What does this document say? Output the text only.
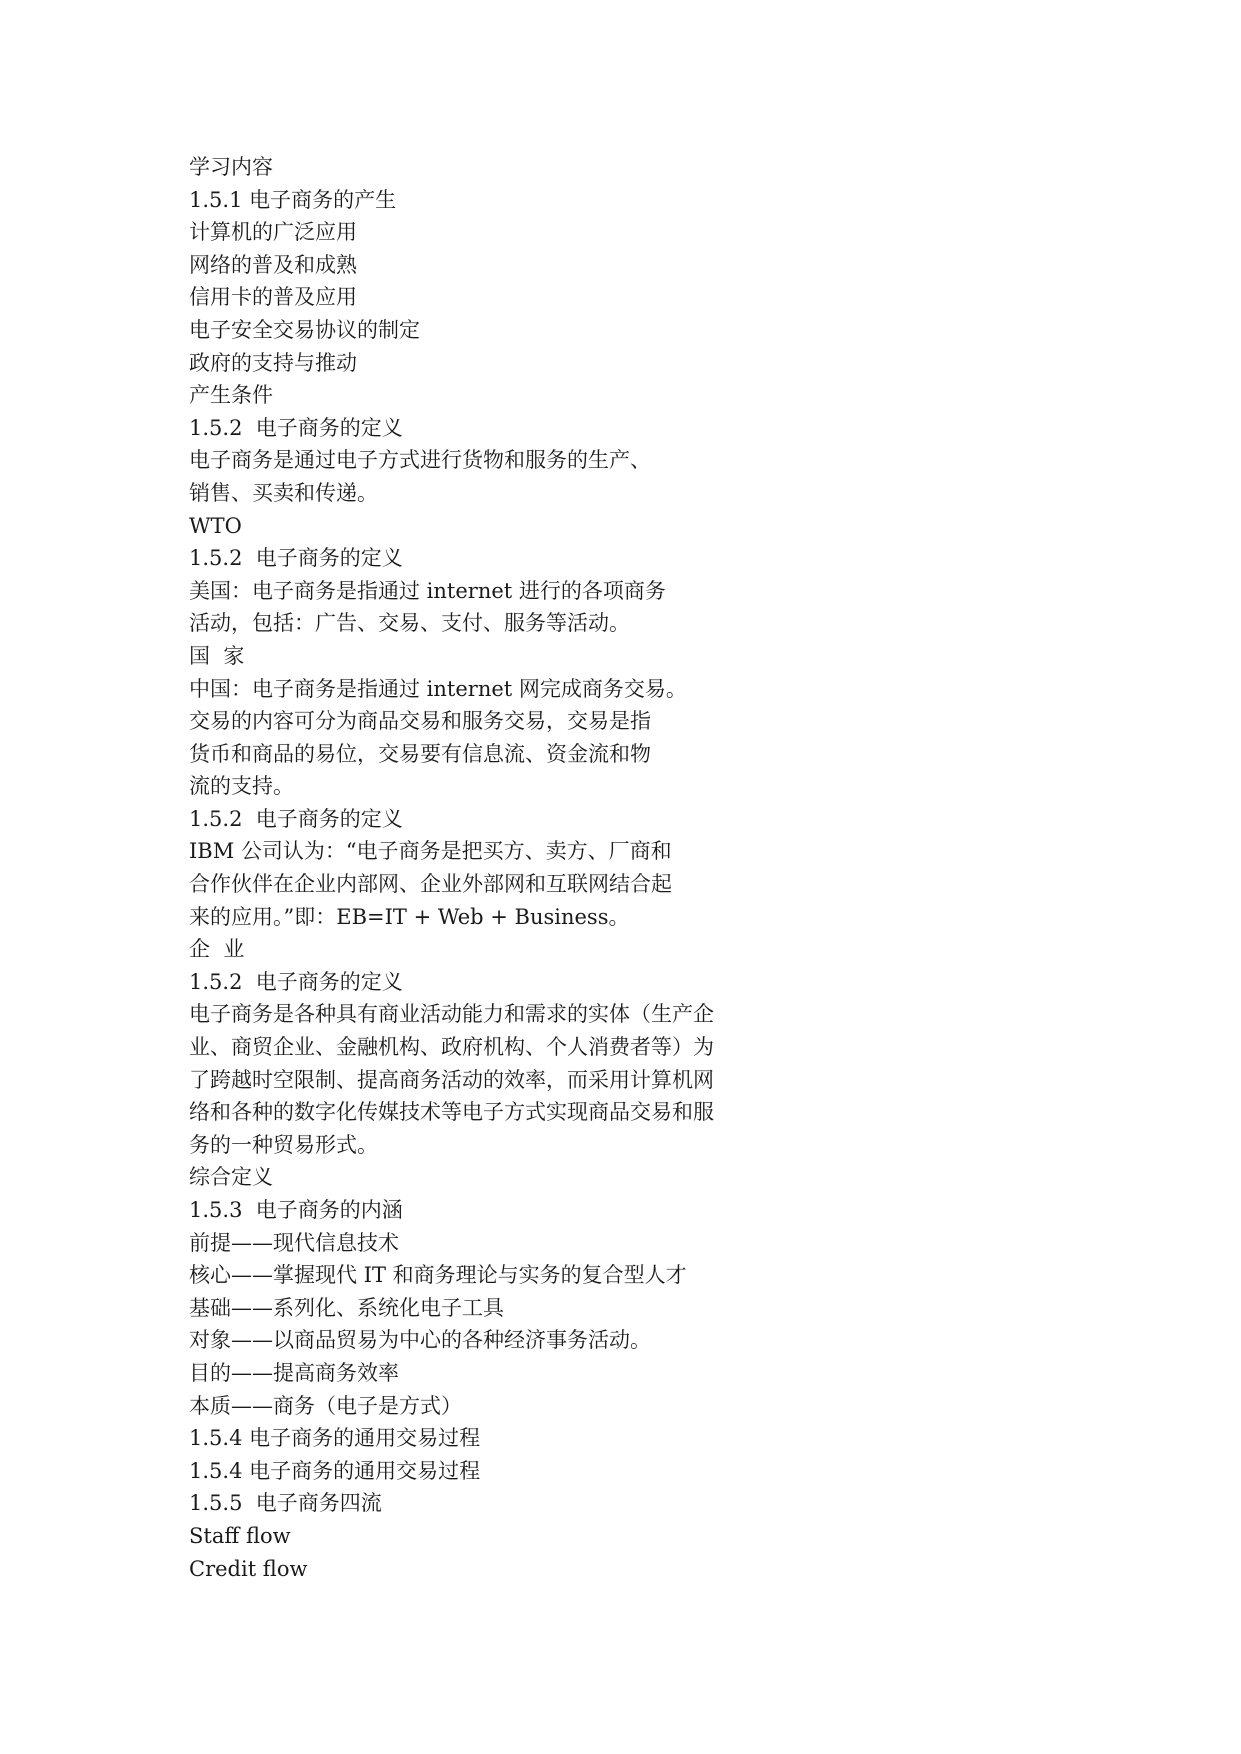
学习内容
1.5.1 电子商务的产生
计算机的广泛应用
网络的普及和成熟
信用卡的普及应用
电子安全交易协议的制定
政府的支持与推动
产生条件
1.5.2  电子商务的定义
电子商务是通过电子方式进行货物和服务的生产、
销售、买卖和传递。
WTO
1.5.2  电子商务的定义
美国：电子商务是指通过 internet 进行的各项商务
活动，包括：广告、交易、支付、服务等活动。
国  家
中国：电子商务是指通过 internet 网完成商务交易。
交易的内容可分为商品交易和服务交易，交易是指
货币和商品的易位，交易要有信息流、资金流和物
流的支持。
1.5.2  电子商务的定义
IBM 公司认为：“电子商务是把买方、卖方、厂商和
合作伙伴在企业内部网、企业外部网和互联网结合起
来的应用。”即：EB=IT + Web + Business。
企  业
1.5.2  电子商务的定义
电子商务是各种具有商业活动能力和需求的实体（生产企
业、商贸企业、金融机构、政府机构、个人消费者等）为
了跨越时空限制、提高商务活动的效率，而采用计算机网
络和各种的数字化传媒技术等电子方式实现商品交易和服
务的一种贸易形式。
综合定义
1.5.3  电子商务的内涵
前提——现代信息技术
核心——掌握现代 IT 和商务理论与实务的复合型人才
基础——系列化、系统化电子工具
对象——以商品贸易为中心的各种经济事务活动。
目的——提高商务效率
本质——商务（电子是方式）
1.5.4 电子商务的通用交易过程
1.5.4 电子商务的通用交易过程
1.5.5  电子商务四流
Staff flow
Credit flow
